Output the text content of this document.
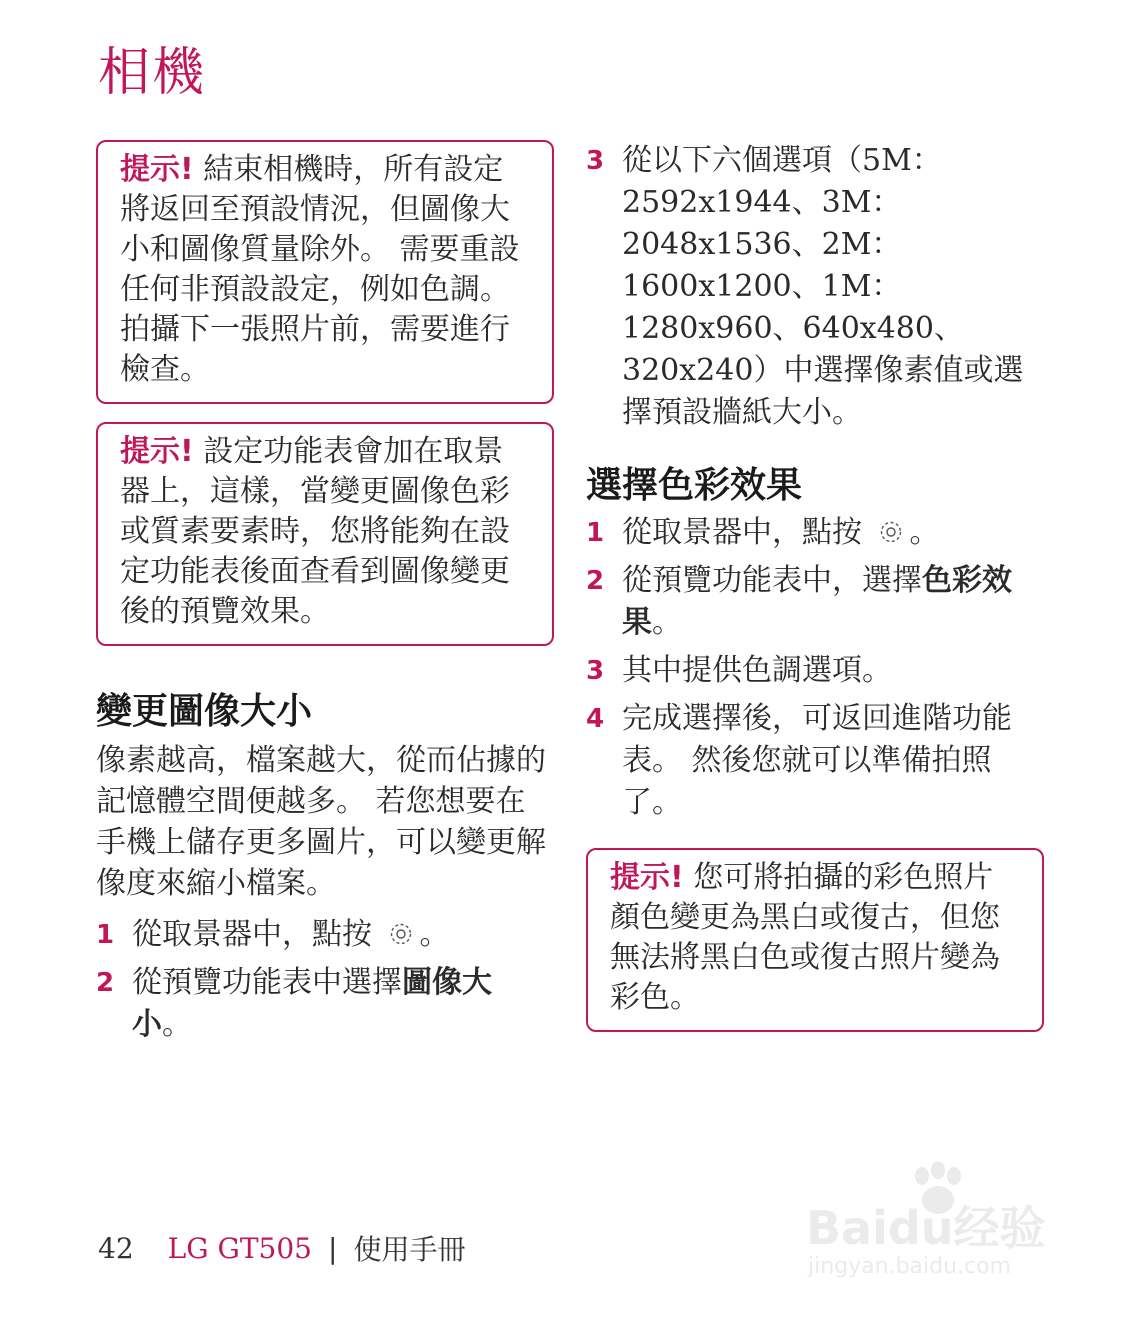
相機
提示! 結束相機時，所有設定將返回至預設情況，但圖像大小和圖像質量除外。 需要重設任何非預設設定，例如色調。拍攝下一張照片前，需要進行檢查。
提示! 設定功能表會加在取景器上，這樣，當變更圖像色彩或質素要素時，您將能夠在設定功能表後面查看到圖像變更後的預覽效果。
變更圖像大小
像素越高，檔案越大，從而佔據的記憶體空間便越多。 若您想要在手機上儲存更多圖片，可以變更解像度來縮小檔案。
1 從取景器中，點按 。
2 從預覽功能表中選擇圖像大小。
3 從以下六個選項（5M：2592x1944、3M：2048x1536、2M：1600x1200、1M：1280x960、640x480、320x240）中選擇像素值或選擇預設牆紙大小。
選擇色彩效果
1 從取景器中，點按 。
2 從預覽功能表中，選擇色彩效果。
3 其中提供色調選項。
4 完成選擇後，可返回進階功能表。 然後您就可以準備拍照了。
提示! 您可將拍攝的彩色照片顏色變更為黑白或復古，但您無法將黑白色或復古照片變為彩色。
Baidu经验
jingyan.baidu.com
42 LG GT505 | 使用手冊
